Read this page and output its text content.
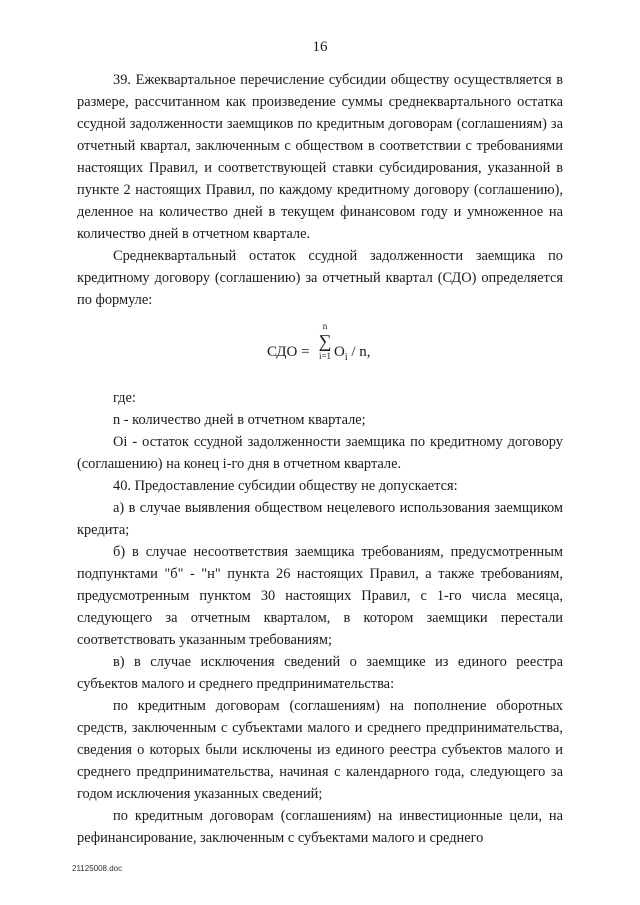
16

39. Ежеквартальное перечисление субсидии обществу осуществляется в размере, рассчитанном как произведение суммы среднеквартального остатка ссудной задолженности заемщиков по кредитным договорам (соглашениям) за отчетный квартал, заключенным с обществом в соответствии с требованиями настоящих Правил, и соответствующей ставки субсидирования, указанной в пункте 2 настоящих Правил, по каждому кредитному договору (соглашению), деленное на количество дней в текущем финансовом году и умноженное на количество дней в отчетном квартале.

Среднеквартальный остаток ссудной задолженности заемщика по кредитному договору (соглашению) за отчетный квартал (СДО) определяется по формуле:

СДО =
n
∑
i=1 $O_i$ / n,

где:

n - количество дней в отчетном квартале;

Oi - остаток ссудной задолженности заемщика по кредитному договору (соглашению) на конец i-го дня в отчетном квартале.

40. Предоставление субсидии обществу не допускается:

а) в случае выявления обществом нецелевого использования заемщиком кредита;

б) в случае несоответствия заемщика требованиям, предусмотренным подпунктами "б" - "н" пункта 26 настоящих Правил, а также требованиям, предусмотренным пунктом 30 настоящих Правил, с 1-го числа месяца, следующего за отчетным кварталом, в котором заемщики перестали соответствовать указанным требованиям;

в) в случае исключения сведений о заемщике из единого реестра субъектов малого и среднего предпринимательства:

по кредитным договорам (соглашениям) на пополнение оборотных средств, заключенным с субъектами малого и среднего предпринимательства, сведения о которых были исключены из единого реестра субъектов малого и среднего предпринимательства, начиная с календарного года, следующего за годом исключения указанных сведений;

по кредитным договорам (соглашениям) на инвестиционные цели, на рефинансирование, заключенным с субъектами малого и среднего

21125008.doc
